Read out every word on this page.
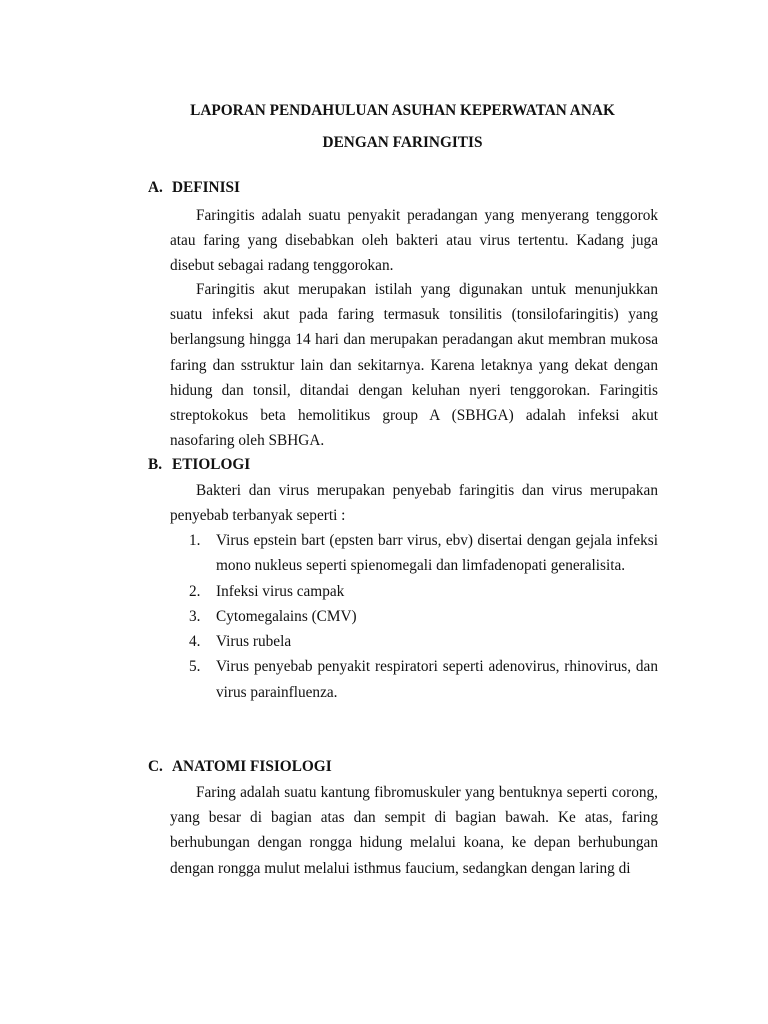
LAPORAN PENDAHULUAN ASUHAN KEPERWATAN ANAK

DENGAN FARINGITIS

A. DEFINISI

Faringitis adalah suatu penyakit peradangan yang menyerang tenggorok atau faring yang disebabkan oleh bakteri atau virus tertentu. Kadang juga disebut sebagai radang tenggorokan.

Faringitis akut merupakan istilah yang digunakan untuk menunjukkan suatu infeksi akut pada faring termasuk tonsilitis (tonsilofaringitis) yang berlangsung hingga 14 hari dan merupakan peradangan akut membran mukosa faring dan sstruktur lain dan sekitarnya. Karena letaknya yang dekat dengan hidung dan tonsil, ditandai dengan keluhan nyeri tenggorokan. Faringitis streptokokus beta hemolitikus group A (SBHGA) adalah infeksi akut nasofaring oleh SBHGA.

B. ETIOLOGI

Bakteri dan virus merupakan penyebab faringitis dan virus merupakan penyebab terbanyak seperti :

1.	Virus epstein bart (epsten barr virus, ebv) disertai dengan gejala infeksi mono nukleus seperti spienomegali dan limfadenopati generalisita.
2.	Infeksi virus campak
3.	Cytomegalains (CMV)
4.	Virus rubela
5.	Virus penyebab penyakit respiratori seperti adenovirus, rhinovirus, dan virus parainfluenza.
C. ANATOMI FISIOLOGI

Faring adalah suatu kantung fibromuskuler yang bentuknya seperti corong, yang besar di bagian atas dan sempit di bagian bawah. Ke atas, faring berhubungan dengan rongga hidung melalui koana, ke depan berhubungan dengan rongga mulut melalui isthmus faucium, sedangkan dengan laring di
